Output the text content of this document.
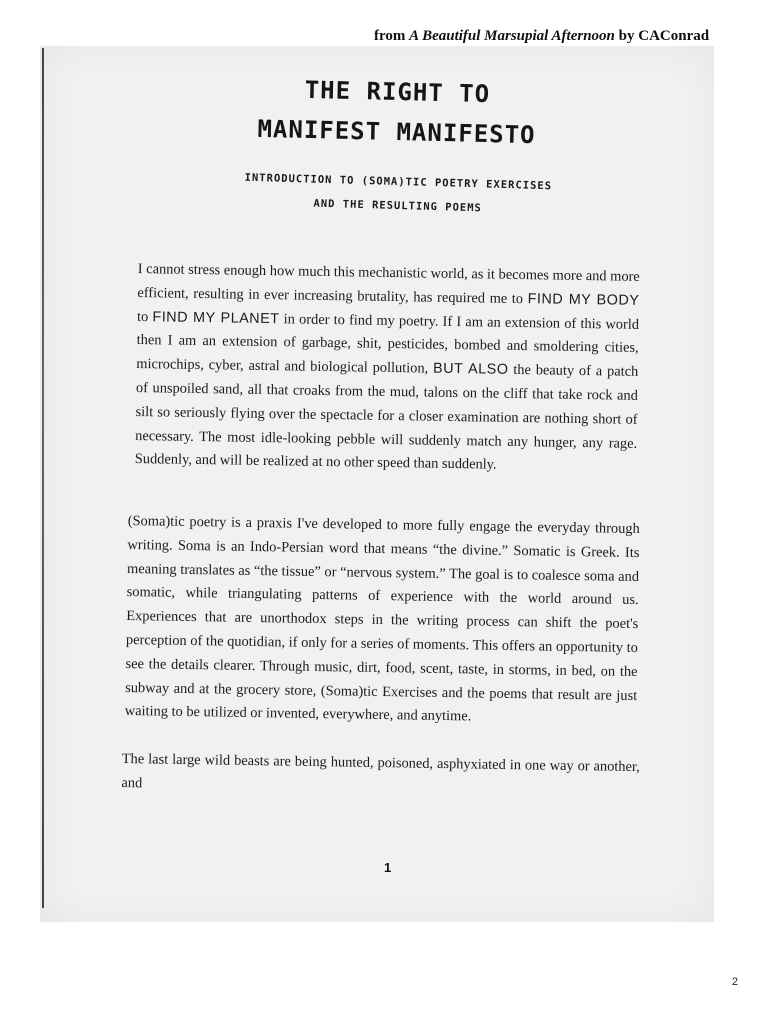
from A Beautiful Marsupial Afternoon by CAConrad
THE RIGHT TO
MANIFEST MANIFESTO
INTRODUCTION TO (SOMA)TIC POETRY EXERCISES
AND THE RESULTING POEMS
I cannot stress enough how much this mechanistic world, as it becomes more and more efficient, resulting in ever increasing brutality, has required me to FIND MY BODY to FIND MY PLANET in order to find my poetry. If I am an extension of this world then I am an extension of garbage, shit, pesticides, bombed and smoldering cities, microchips, cyber, astral and biological pollution, BUT ALSO the beauty of a patch of unspoiled sand, all that croaks from the mud, talons on the cliff that take rock and silt so seriously flying over the spectacle for a closer examination are nothing short of necessary. The most idle-looking pebble will suddenly match any hunger, any rage. Suddenly, and will be realized at no other speed than suddenly.
(Soma)tic poetry is a praxis I've developed to more fully engage the everyday through writing. Soma is an Indo-Persian word that means “the divine.” Somatic is Greek. Its meaning translates as “the tissue” or “nervous system.” The goal is to coalesce soma and somatic, while triangulating patterns of experience with the world around us. Experiences that are unorthodox steps in the writing process can shift the poet's perception of the quotidian, if only for a series of moments. This offers an opportunity to see the details clearer. Through music, dirt, food, scent, taste, in storms, in bed, on the subway and at the grocery store, (Soma)tic Exercises and the poems that result are just waiting to be utilized or invented, everywhere, and anytime.
The last large wild beasts are being hunted, poisoned, asphyxiated in one way or another, and
1
2
